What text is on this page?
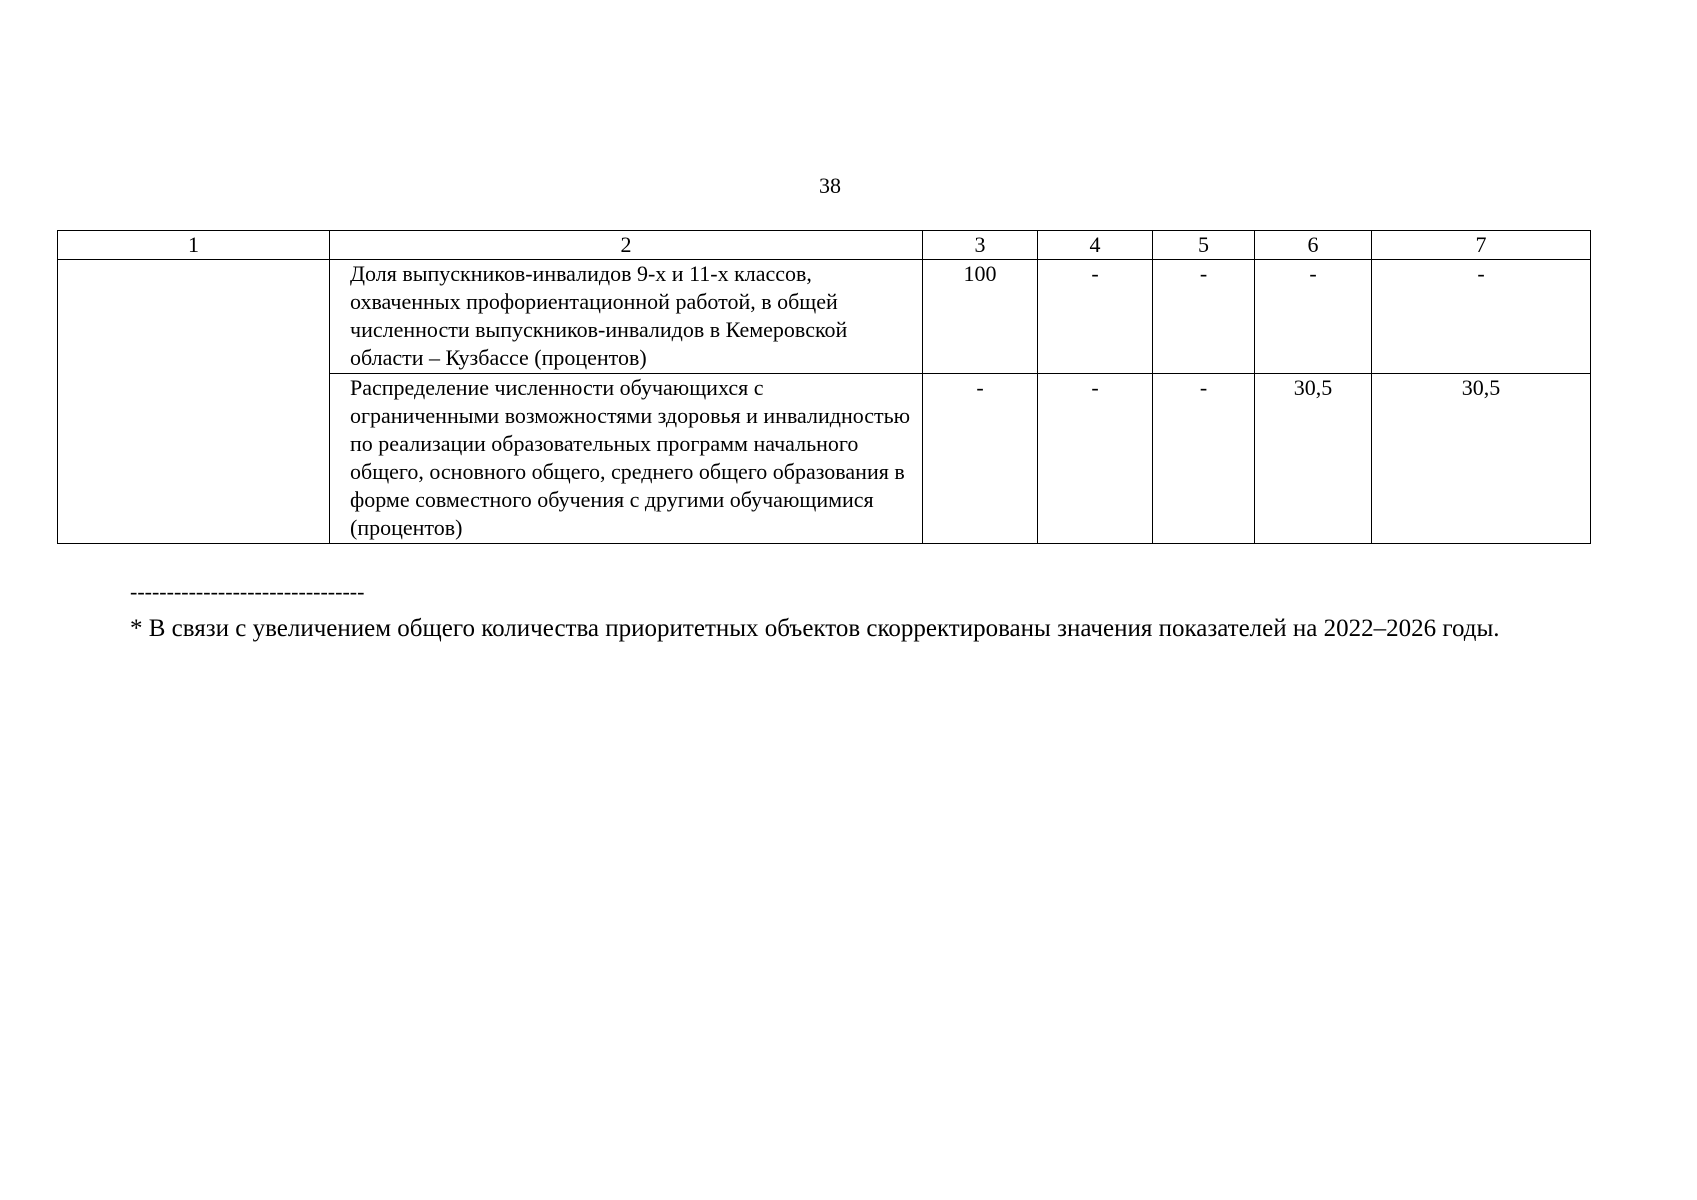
38
1	2	3	4	5	6	7
	Доля выпускников-инвалидов 9-х и 11-х классов, охваченных профориентационной работой, в общей численности выпускников-инвалидов в Кемеровской области – Кузбассе (процентов)	100	-	-	-	-
	Распределение численности обучающихся с ограниченными возможностями здоровья и инвалидностью по реализации образовательных программ начального общего, основного общего, среднего общего образования в форме совместного обучения с другими обучающимися (процентов)	-	-	-	30,5	30,5
--------------------------------

* В связи с увеличением общего количества приоритетных объектов скорректированы значения показателей на 2022–2026 годы.
